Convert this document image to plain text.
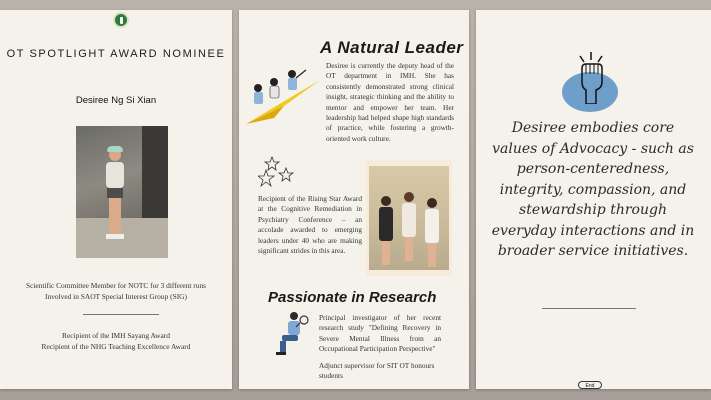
OT SPOTLIGHT AWARD NOMINEE
Desiree Ng Si Xian
Scientific Committee Member for NOTC for 3 different runs
Involved in SAOT Special Interest Group (SIG)
Recipient of the IMH Sayang Award
Recipient of the NHG Teaching Excellence Award
A Natural Leader
Desiree is currently the deputy head of the OT department in IMH. She has consistently demonstrated strong clinical insight, strategic thinking and the ability to mentor and empower her team. Her leadership had helped shape high standards of practice, while fostering a growth-oriented work culture.
Recipient of the Rising Star Award at the Cognitive Remediation in Psychiatry Conference – an accolade awarded to emerging leaders under 40 who are making significant strides in this area.
Passionate in Research
Principal investigator of her recent research study "Defining Recovery in Severe Mental Illness from an Occupational Participation Perspective"
Adjunct supervisor for SIT OT honours students
Desiree embodies core values of Advocacy - such as person-centeredness, integrity, compassion, and stewardship through everyday interactions and in broader service initiatives.
End
